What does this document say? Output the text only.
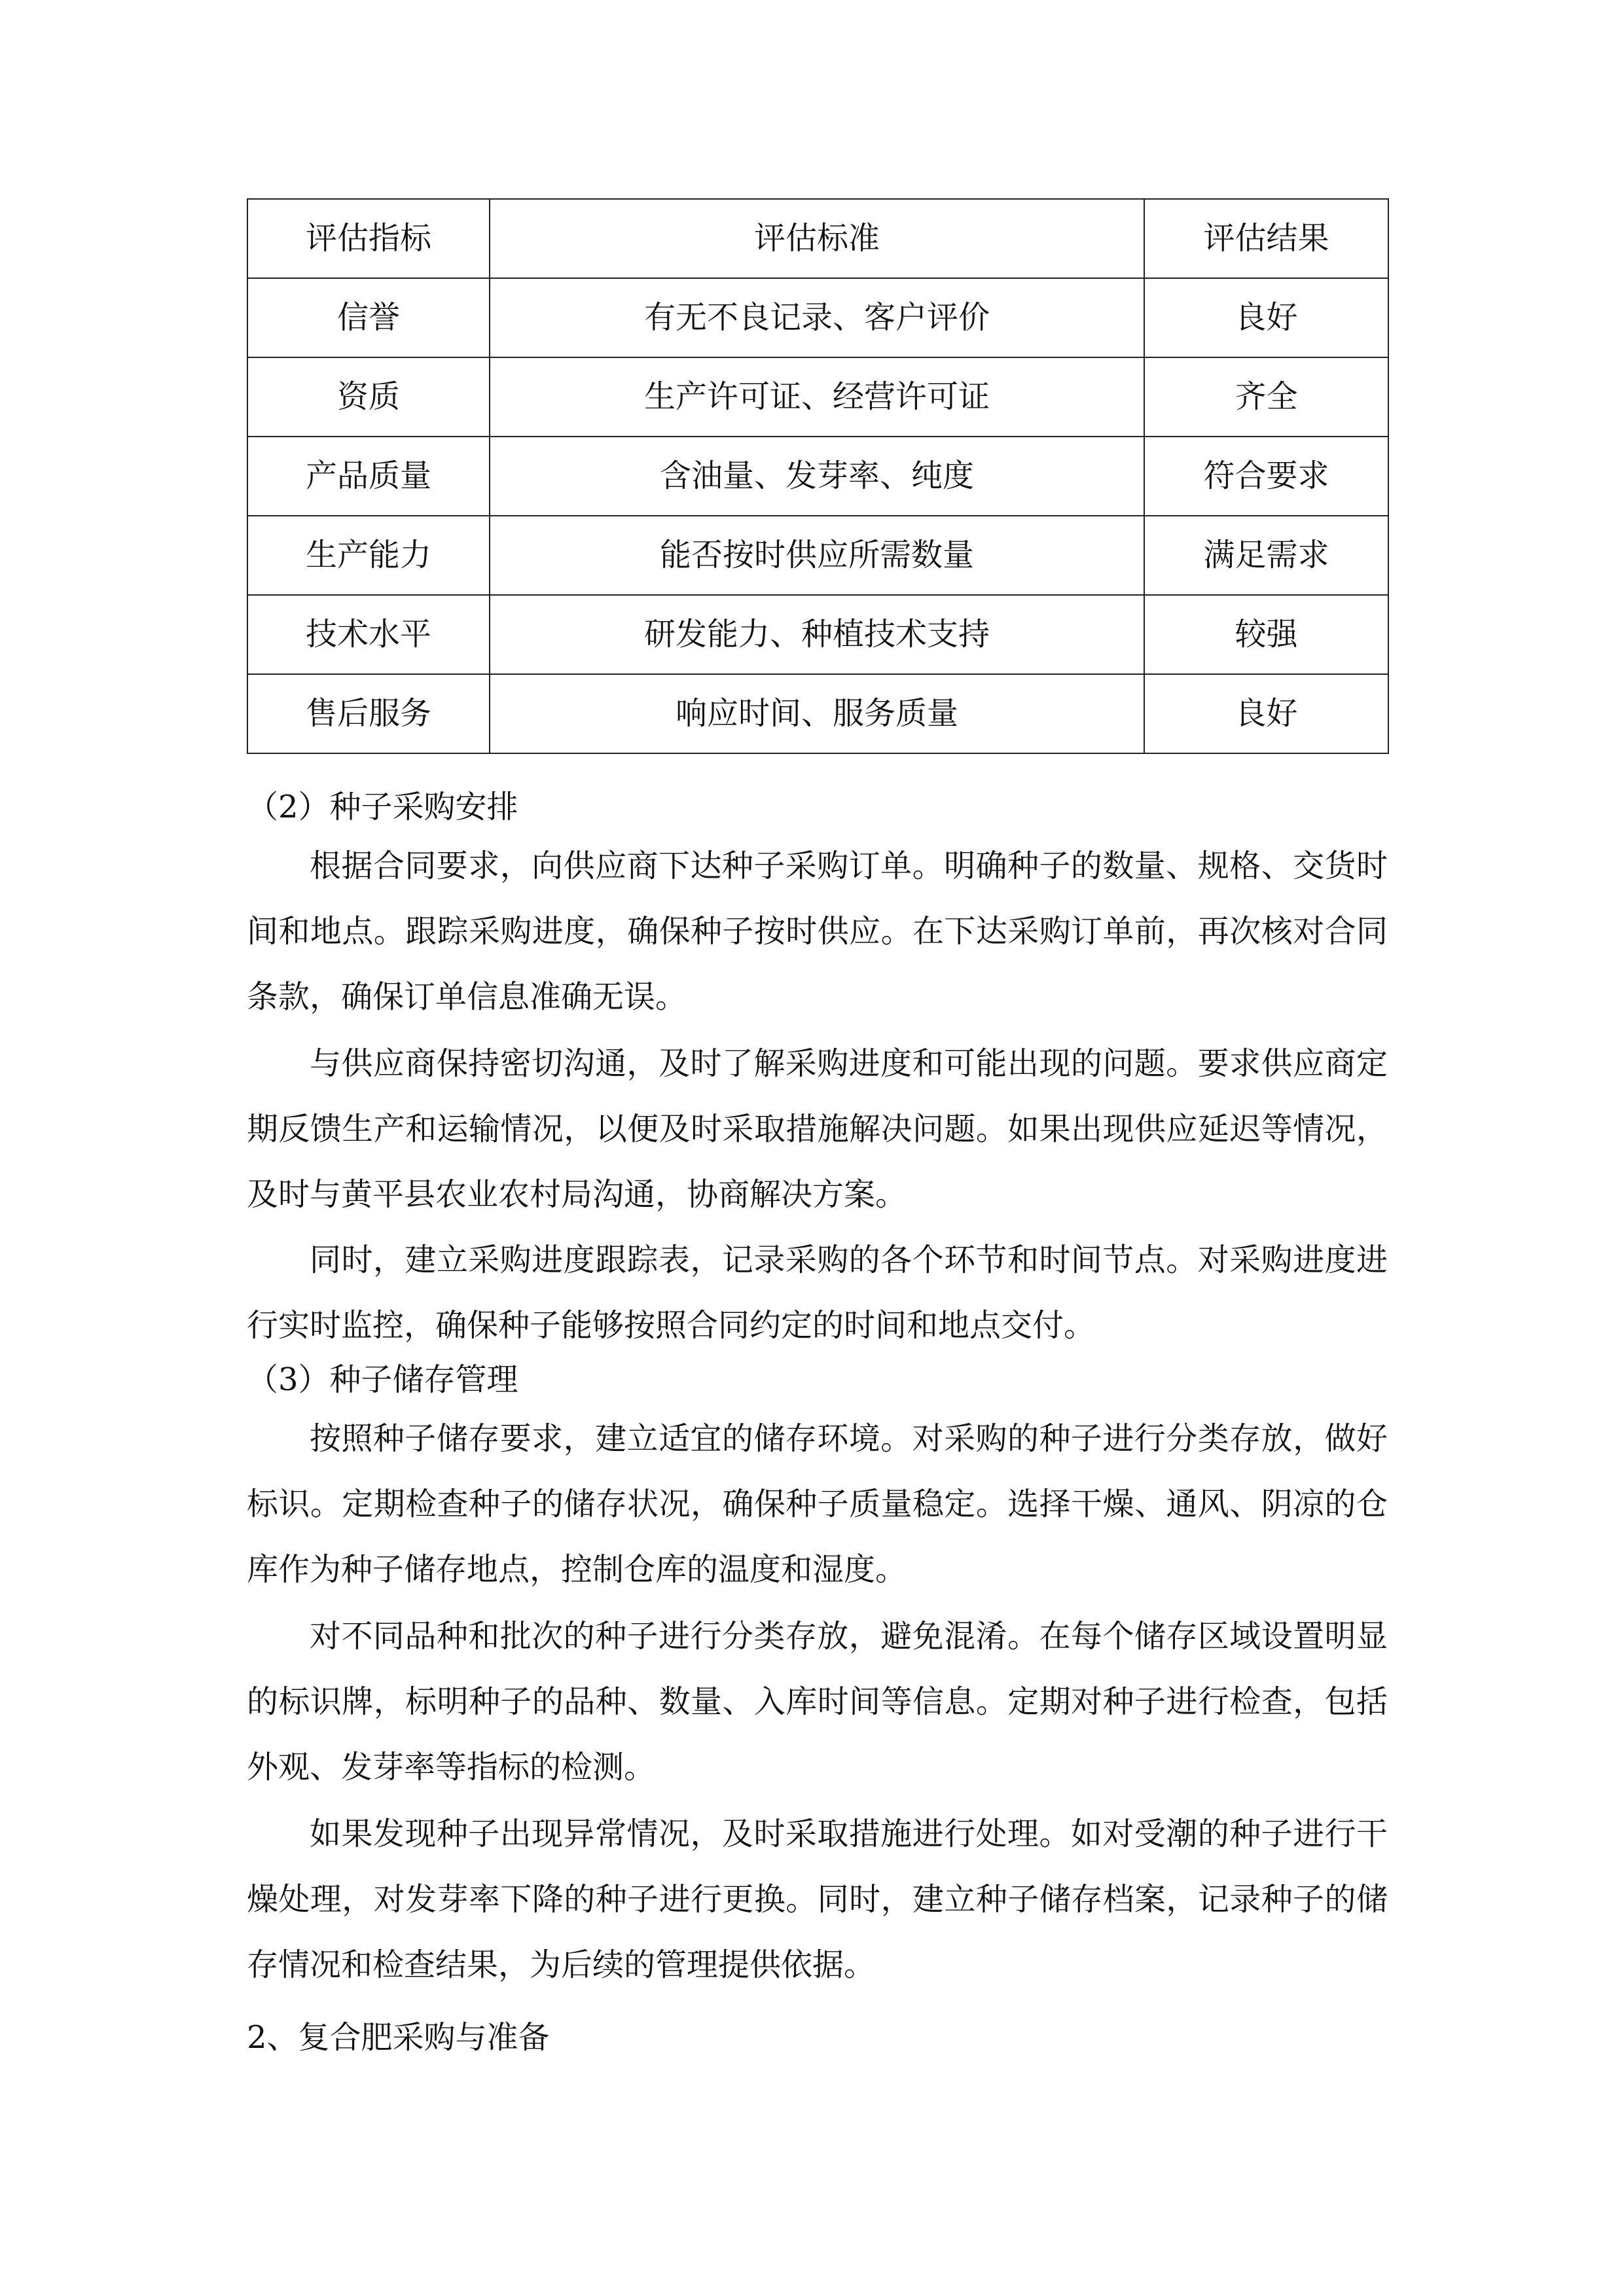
评估指标	评估标准	评估结果
信誉	有无不良记录、客户评价	良好
资质	生产许可证、经营许可证	齐全
产品质量	含油量、发芽率、纯度	符合要求
生产能力	能否按时供应所需数量	满足需求
技术水平	研发能力、种植技术支持	较强
售后服务	响应时间、服务质量	良好
（2）种子采购安排

根据合同要求，向供应商下达种子采购订单。明确种子的数量、规格、交货时间和地点。跟踪采购进度，确保种子按时供应。在下达采购订单前，再次核对合同条款，确保订单信息准确无误。

与供应商保持密切沟通，及时了解采购进度和可能出现的问题。要求供应商定期反馈生产和运输情况，以便及时采取措施解决问题。如果出现供应延迟等情况，及时与黄平县农业农村局沟通，协商解决方案。

同时，建立采购进度跟踪表，记录采购的各个环节和时间节点。对采购进度进行实时监控，确保种子能够按照合同约定的时间和地点交付。

（3）种子储存管理

按照种子储存要求，建立适宜的储存环境。对采购的种子进行分类存放，做好标识。定期检查种子的储存状况，确保种子质量稳定。选择干燥、通风、阴凉的仓库作为种子储存地点，控制仓库的温度和湿度。

对不同品种和批次的种子进行分类存放，避免混淆。在每个储存区域设置明显的标识牌，标明种子的品种、数量、入库时间等信息。定期对种子进行检查，包括外观、发芽率等指标的检测。

如果发现种子出现异常情况，及时采取措施进行处理。如对受潮的种子进行干燥处理，对发芽率下降的种子进行更换。同时，建立种子储存档案，记录种子的储存情况和检查结果，为后续的管理提供依据。

2、复合肥采购与准备
